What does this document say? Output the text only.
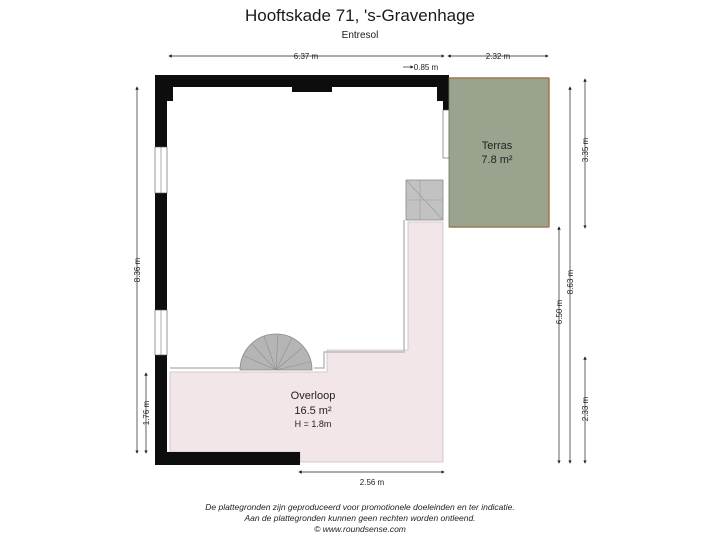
Hooftskade 71, 's-Gravenhage
Entresol
Terras
7.8 m²
Overloop
16.5 m²
H = 1.8m
6.37 m	2.32 m
0.85 m
2.56 m
8.36 m
1.76 m
6.50 m
8.63 m
3.35 m
2.33 m
De plattegronden zijn geproduceerd voor promotionele doeleinden en ter indicatie.
Aan de plattegronden kunnen geen rechten worden ontleend.
© www.roundsense.com
